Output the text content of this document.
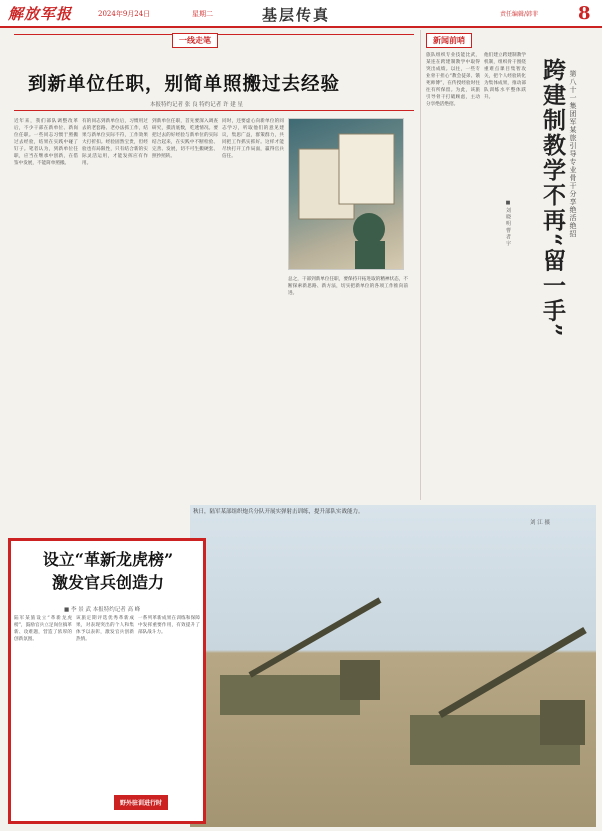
解放军报	2024年9月24日	星期二	基层传真	责任编辑/韩菲 8
一线走笔
到新单位任职，别简单照搬过去经验
本报特约记者 张 良 特约记者 许 建 星
近年来，我们部队调整改革后，不少干部在新单位、新岗位任职。一些同志习惯于照搬过去经验，结果在实践中碰了钉子。笔者认为，到新单位任职，应当在继承中创新，在借鉴中发展，不能简单照搬。
有的同志到新单位后，习惯用过去的老套路、老办法抓工作，结果与新单位实际不符，工作效果大打折扣。经验固然宝贵，但经验也有局限性，只有结合新的实际灵活运用，才能发挥应有作用。
到新单位任职，首先要深入调查研究，摸清底数，吃透情况。要把过去的好经验与新单位的实际结合起来，在实践中不断检验、完善、发展，切不可生搬硬套、照抄照转。
同时，还要虚心向新单位的同志学习，听取他们的意见建议，集思广益，群策群力，共同把工作抓实抓好。这样才能尽快打开工作局面，赢得官兵信任。
总之，干部到新单位任职，要保持开拓进取的精神状态，不断探索新思路、新方法，切实把新单位的各项工作推向前进。
新闻前哨
旅队组织专业技能比武，某连在跨建制教学中取得突出成绩。以往，一些专业骨干担心“教会徒弟、饿死师傅”，在传授经验时往往有所保留。为此，该旅引导骨干打破顾虑，主动分享绝活绝招。
他们建立跨建制教学机制，组织骨干围绕重难点课目集智攻关，把个人经验转化为集体成果，推动部队训练水平整体跃升。	跨建制教学不再“留一手” 第八十一集团军某旅引导专业骨干分享绝活绝招
■ 刘 晓 明 曹 者 宇
秋日，陆军某部组织炮兵分队开展实弹射击训练，提升部队实战能力。
刘 江 摄
设立“革新龙虎榜”
激发官兵创造力
■ 李 景 武 本报特约记者 高 峰
陆军某旅设立“革新龙虎榜”，鼓励官兵立足岗位搞革新、攻难题，营造了浓厚的创新氛围。
该旅定期评选优秀革新成果，对表现突出的个人和集体予以表彰，激发官兵创新热情。
一系列革新成果在训练和保障中发挥重要作用，有效提升了部队战斗力。
野外驻训进行时
